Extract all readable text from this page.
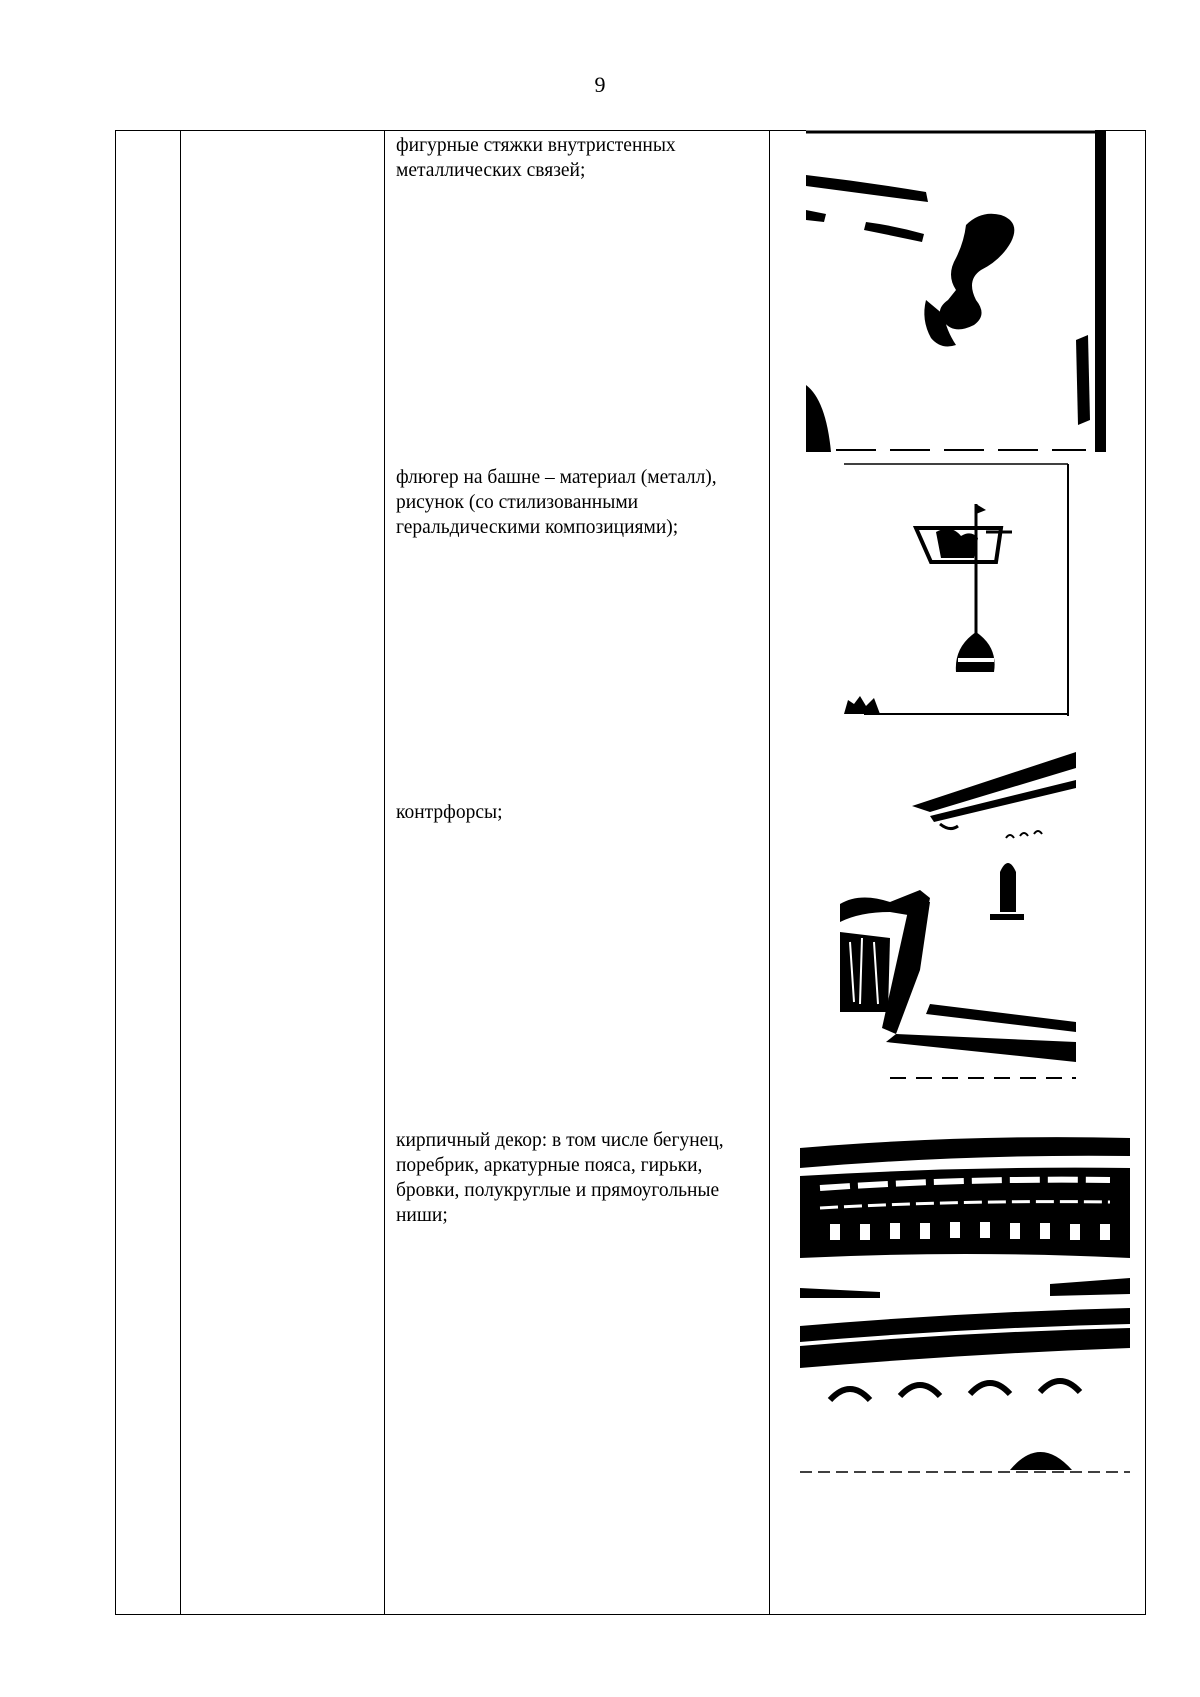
9
фигурные стяжки внутристенных металлических связей;
флюгер на башне – материал (металл), рисунок (со стилизованными геральдическими композициями);
контрфорсы;
кирпичный декор: в том числе бегунец, поребрик, аркатурные пояса, гирьки, бровки, полукруглые и прямоугольные ниши;
